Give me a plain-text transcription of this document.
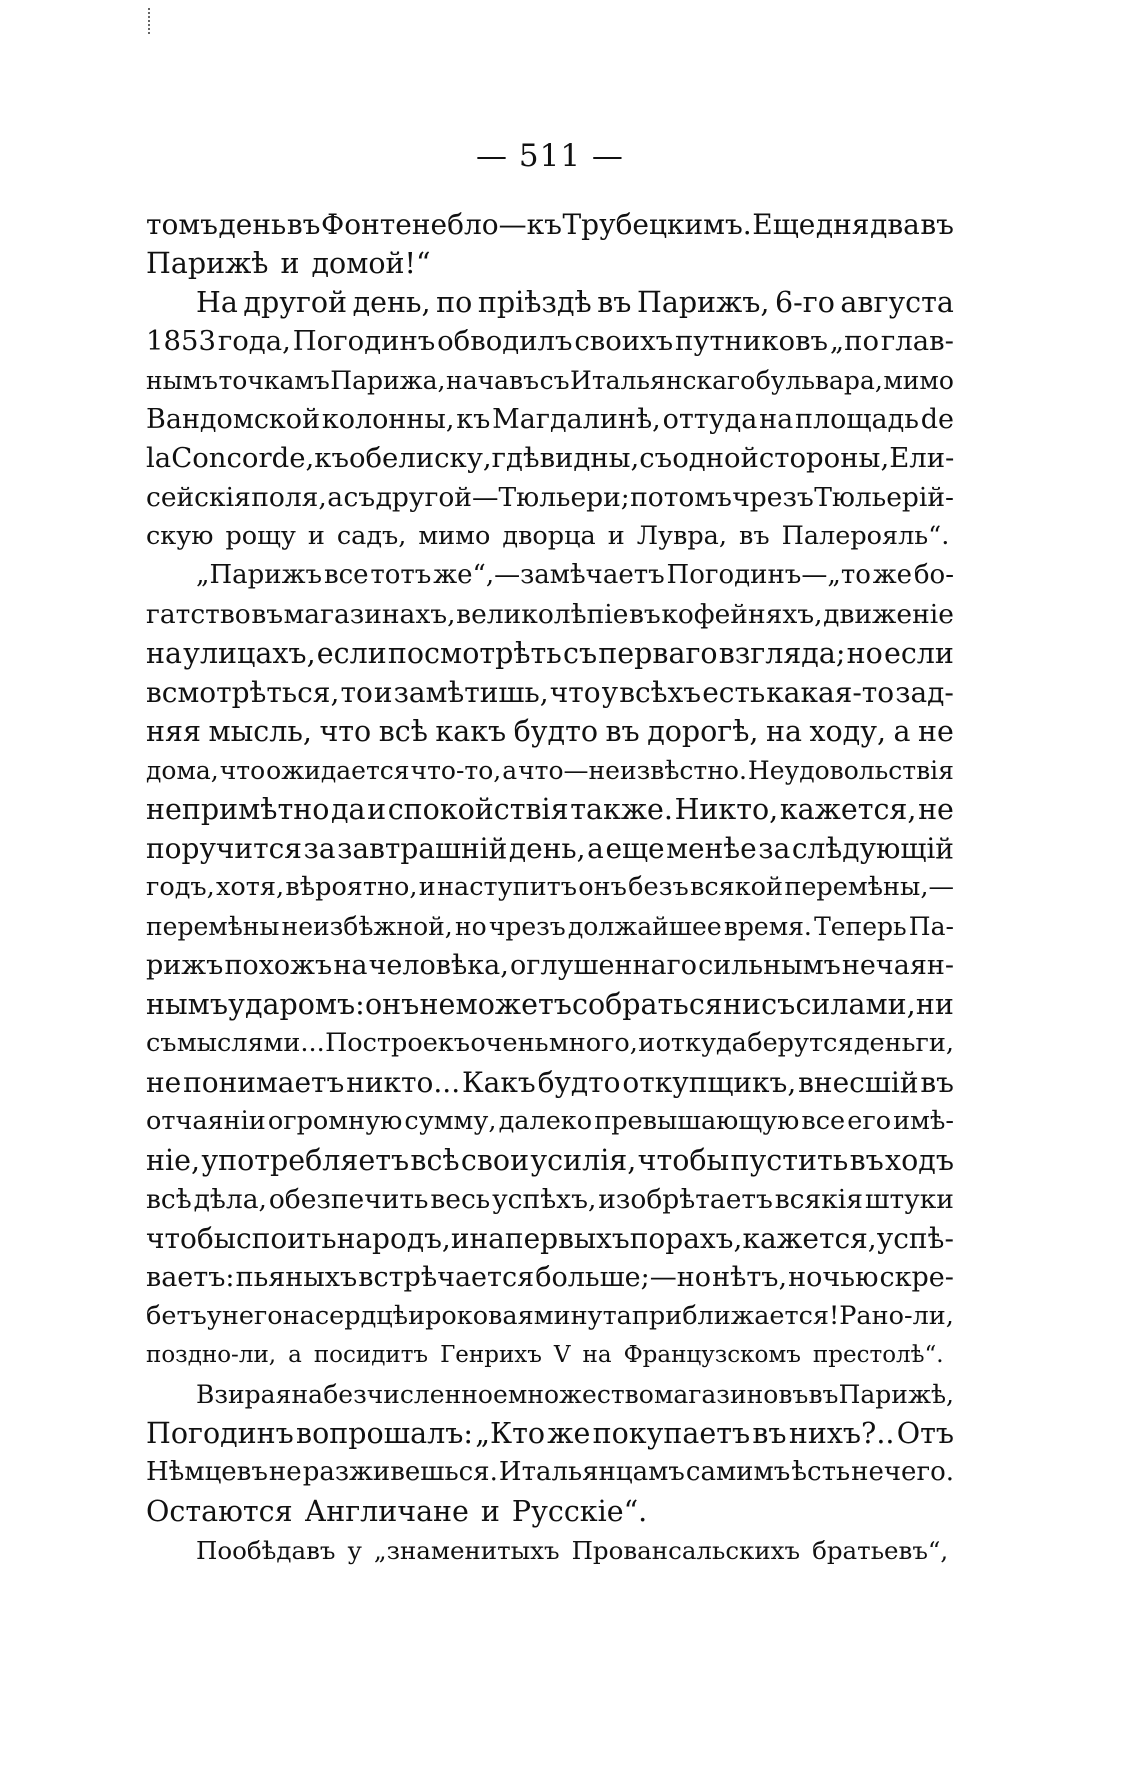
— 511 —
томъ день въ Фонтенебло—къ Трубецкимъ. Еще дня два въ
Парижѣ и домой!“
На другой день, по пріѣздѣ въ Парижъ, 6-го августа
1853 года, Погодинъ обводилъ своихъ путниковъ „по глав-
нымъ точкамъ Парижа, начавъ съ Итальянскаго бульвара, мимо
Вандомской колонны, къ Магдалинѣ, оттуда на площадь de
la Concorde, къ обелиску, гдѣ видны, съ одной стороны, Ели-
сейскія поля, а съ другой—Тюльери; потомъ чрезъ Тюльерій-
скую рощу и садъ, мимо дворца и Лувра, въ Палерояль“.
„Парижъ все тотъ же“,—замѣчаетъ Погодинъ—„то же бо-
гатство въ магазинахъ, великолѣпіе въ кофейняхъ, движеніе
на улицахъ, если посмотрѣть съ перваго взгляда; но если
всмотрѣться, то и замѣтишь, что у всѣхъ есть какая-то зад-
няя мысль, что всѣ какъ будто въ дорогѣ, на ходу, а не
дома, что ожидается что-то, а что—неизвѣстно. Неудовольствія
непримѣтно да и спокойствія также. Никто, кажется, не
поручится за завтрашній день, а еще менѣе за слѣдующій
годъ, хотя, вѣроятно, и наступитъ онъ безъ всякой перемѣны,—
перемѣны неизбѣжной, но чрезъ должайшее время. Теперь Па-
рижъ похожъ на человѣка, оглушеннаго сильнымъ нечаян-
нымъ ударомъ: онъ не можетъ собраться ни съ силами, ни
съ мыслями... Построекъ очень много, и откуда берутся деньги,
не понимаетъ никто... Какъ будто откупщикъ, внесшій въ
отчаяніи огромную сумму, далеко превышающую все его имѣ-
ніе, употребляетъ всѣ свои усилія, чтобы пустить въ ходъ
всѣ дѣла, обезпечить весь успѣхъ, изобрѣтаетъ всякія штуки
чтобы споить народъ, и на первыхъ порахъ, кажется, успѣ-
ваетъ: пьяныхъ встрѣчается больше;—но нѣтъ, ночью скре-
бетъ у него на сердцѣ и роковая минута приближается! Рано-ли,
поздно-ли, а посидитъ Генрихъ V на Французскомъ престолѣ“.
Взирая на безчисленное множество магазиновъ въ Парижѣ,
Погодинъ вопрошалъ: „Кто же покупаетъ въ нихъ?.. Отъ
Нѣмцевъ не разживешься. Итальянцамъ самимъ ѣсть нечего.
Остаются Англичане и Русскіе“.
Пообѣдавъ у „знаменитыхъ Провансальскихъ братьевъ“,
